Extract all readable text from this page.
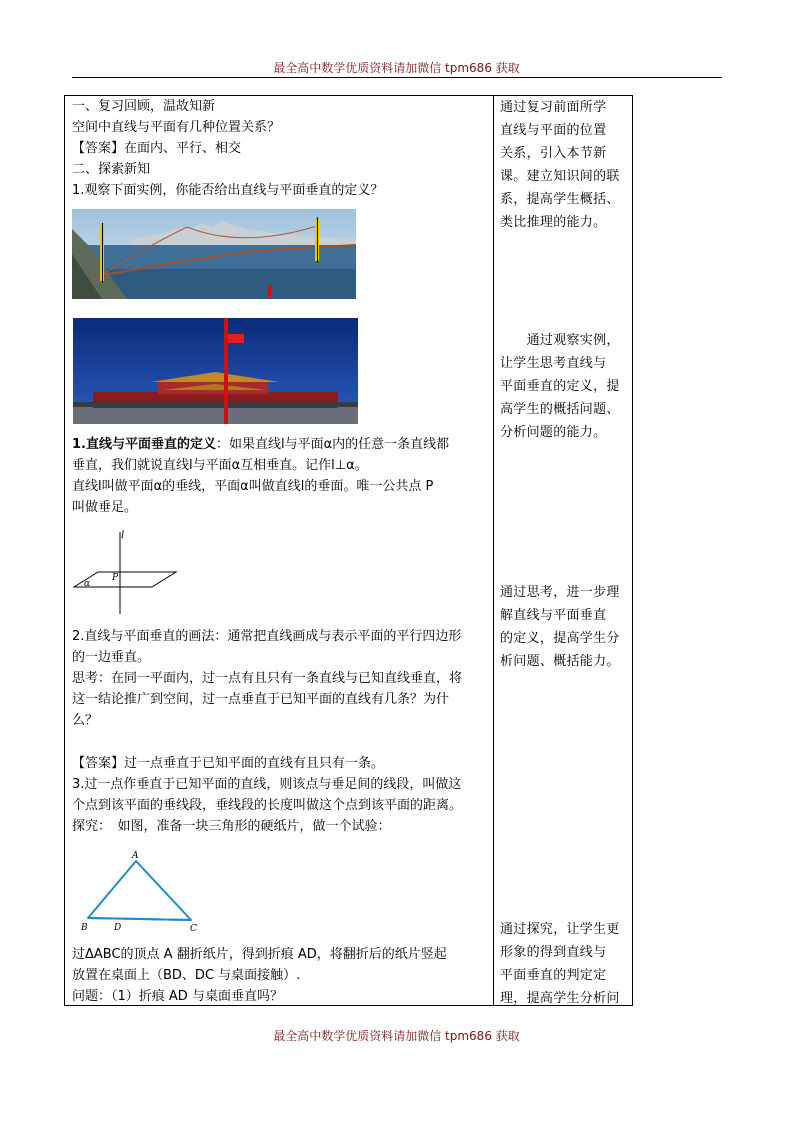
最全高中数学优质资料请加微信 tpm686 获取
一、复习回顾，温故知新
空间中直线与平面有几种位置关系？
【答案】在面内、平行、相交
二、探索新知
1.观察下面实例，你能否给出直线与平面垂直的定义？
1.直线与平面垂直的定义：如果直线l与平面α内的任意一条直线都
垂直，我们就说直线l与平面α互相垂直。记作l⊥α。
直线l叫做平面α的垂线，平面α叫做直线l的垂面。唯一公共点 P
叫做垂足。
l
P
α
2.直线与平面垂直的画法：通常把直线画成与表示平面的平行四边形
的一边垂直。
思考：在同一平面内，过一点有且只有一条直线与已知直线垂直，将
这一结论推广到空间，过一点垂直于已知平面的直线有几条？为什
么？
【答案】过一点垂直于已知平面的直线有且只有一条。
3.过一点作垂直于已知平面的直线，则该点与垂足间的线段，叫做这
个点到该平面的垂线段，垂线段的长度叫做这个点到该平面的距离。
探究：　如图，准备一块三角形的硬纸片，做一个试验：
A
B	C
D
过ΔABC的顶点 A 翻折纸片，得到折痕 AD，将翻折后的纸片竖起
放置在桌面上（BD、DC 与桌面接触）.
问题：（1）折痕 AD 与桌面垂直吗？
通过复习前面所学
直线与平面的位置
关系，引入本节新
课。建立知识间的联
系，提高学生概括、
类比推理的能力。
　　通过观察实例，
让学生思考直线与
平面垂直的定义，提
高学生的概括问题、
分析问题的能力。
通过思考，进一步理
解直线与平面垂直
的定义，提高学生分
析问题、概括能力。
通过探究，让学生更
形象的得到直线与
平面垂直的判定定
理，提高学生分析问
最全高中数学优质资料请加微信 tpm686 获取
